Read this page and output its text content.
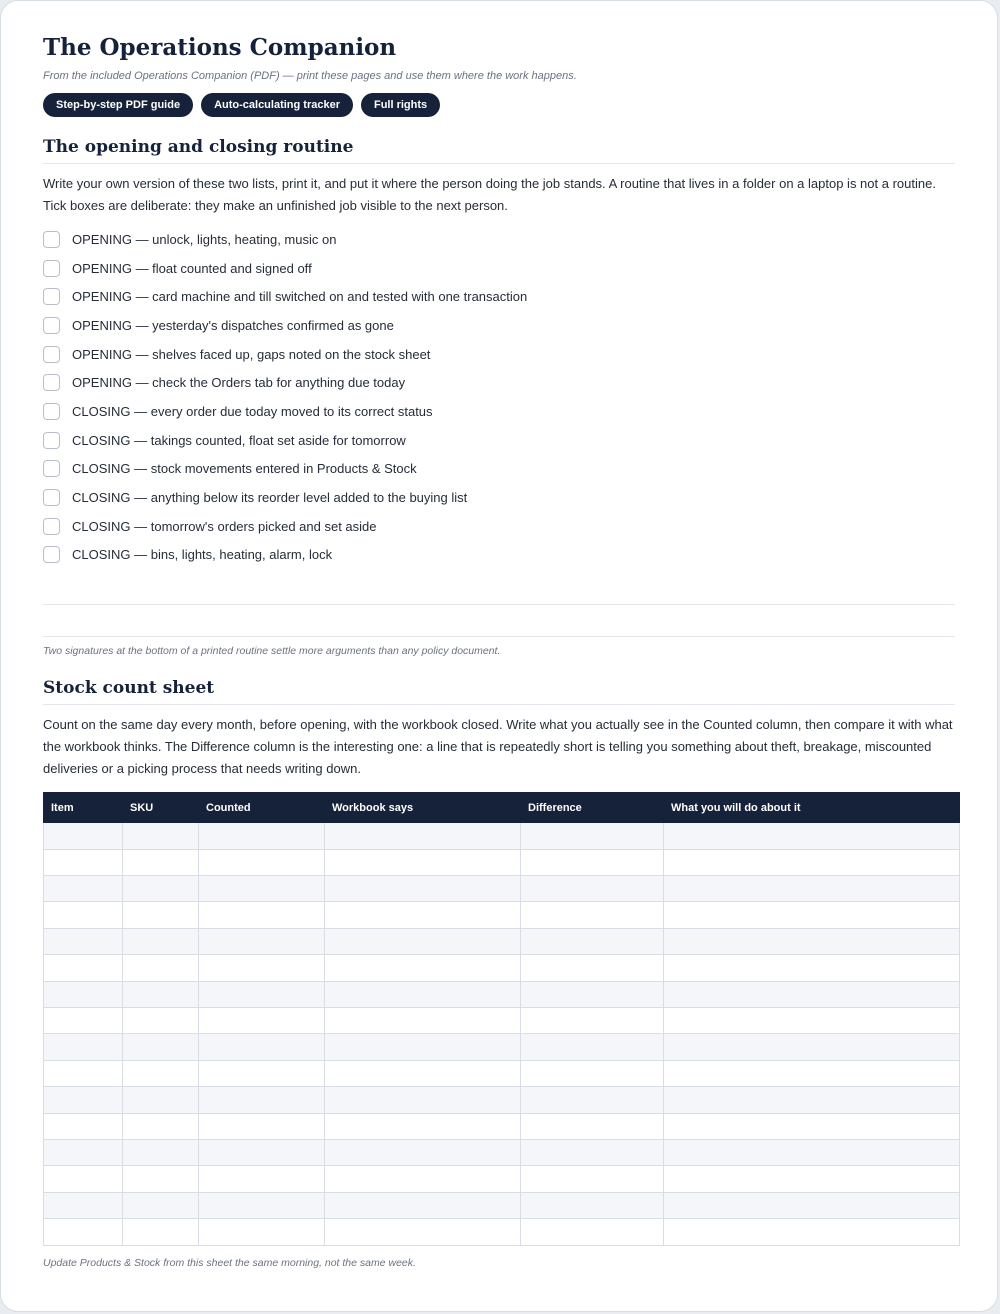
The Operations Companion
From the included Operations Companion (PDF) — print these pages and use them where the work happens.
Step-by-step PDF guide	Auto-calculating tracker	Full rights
The opening and closing routine
Write your own version of these two lists, print it, and put it where the person doing the job stands. A routine that lives in a folder on a laptop is not a routine. Tick boxes are deliberate: they make an unfinished job visible to the next person.
OPENING — unlock, lights, heating, music on
OPENING — float counted and signed off
OPENING — card machine and till switched on and tested with one transaction
OPENING — yesterday's dispatches confirmed as gone
OPENING — shelves faced up, gaps noted on the stock sheet
OPENING — check the Orders tab for anything due today
CLOSING — every order due today moved to its correct status
CLOSING — takings counted, float set aside for tomorrow
CLOSING — stock movements entered in Products & Stock
CLOSING — anything below its reorder level added to the buying list
CLOSING — tomorrow's orders picked and set aside
CLOSING — bins, lights, heating, alarm, lock
Two signatures at the bottom of a printed routine settle more arguments than any policy document.
Stock count sheet
Count on the same day every month, before opening, with the workbook closed. Write what you actually see in the Counted column, then compare it with what the workbook thinks. The Difference column is the interesting one: a line that is repeatedly short is telling you something about theft, breakage, miscounted deliveries or a picking process that needs writing down.
Item	SKU	Counted	Workbook says	Difference	What you will do about it

Update Products & Stock from this sheet the same morning, not the same week.
